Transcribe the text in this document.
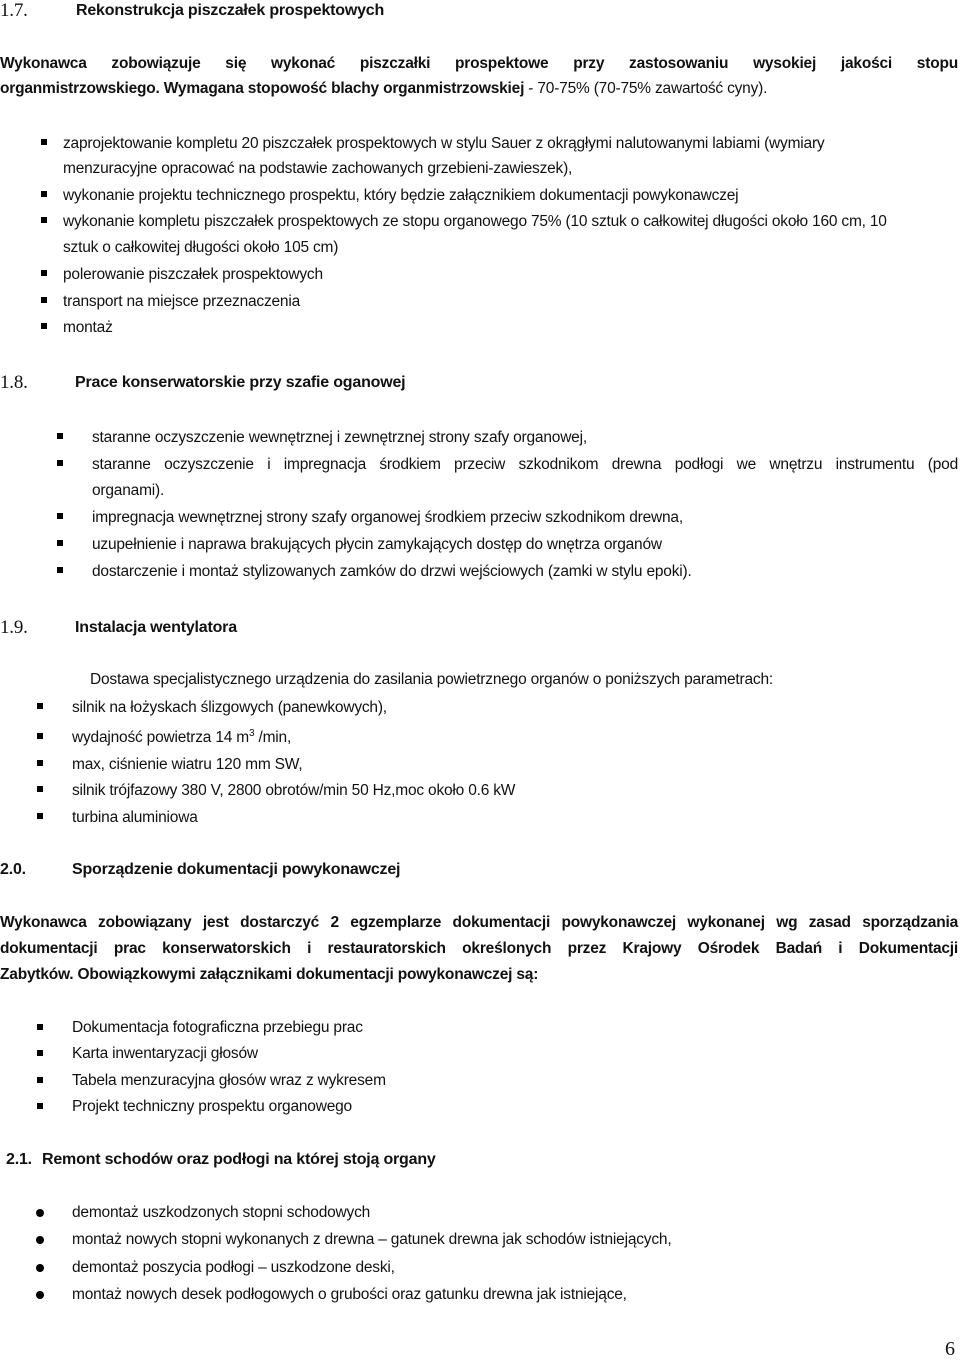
1.7.	Rekonstrukcja piszczałek prospektowych
Wykonawca zobowiązuje się wykonać piszczałki prospektowe przy zastosowaniu wysokiej jakości stopu
organmistrzowskiego. Wymagana stopowość blachy organmistrzowskiej - 70-75% (70-75% zawartość cyny).
zaprojektowanie kompletu 20 piszczałek prospektowych w stylu Sauer z okrągłymi nalutowanymi labiami (wymiary
menzuracyjne opracować na podstawie zachowanych grzebieni-zawieszek),
wykonanie projektu technicznego prospektu, który będzie załącznikiem dokumentacji powykonawczej
wykonanie kompletu piszczałek prospektowych ze stopu organowego 75% (10 sztuk o całkowitej długości około 160 cm, 10
sztuk o całkowitej długości około 105 cm)
polerowanie piszczałek prospektowych
transport na miejsce przeznaczenia
montaż
1.8.	Prace konserwatorskie przy szafie oganowej
staranne oczyszczenie wewnętrznej i zewnętrznej strony szafy organowej,
staranne oczyszczenie i impregnacja środkiem przeciw szkodnikom drewna podłogi we wnętrzu instrumentu (pod
organami).
impregnacja wewnętrznej strony szafy organowej środkiem przeciw szkodnikom drewna,
uzupełnienie i naprawa brakujących płycin zamykających dostęp do wnętrza organów
dostarczenie i montaż stylizowanych zamków do drzwi wejściowych (zamki w stylu epoki).
1.9.	Instalacja wentylatora
Dostawa specjalistycznego urządzenia do zasilania powietrznego organów o poniższych parametrach:
silnik na łożyskach ślizgowych (panewkowych),
wydajność powietrza 14 $m^3$ /min,
max, ciśnienie wiatru 120 mm SW,
silnik trójfazowy 380 V, 2800 obrotów/min 50 Hz,moc około 0.6 kW
turbina aluminiowa
2.0.	Sporządzenie dokumentacji powykonawczej
Wykonawca zobowiązany jest dostarczyć 2 egzemplarze dokumentacji powykonawczej wykonanej wg zasad sporządzania
dokumentacji prac konserwatorskich i restauratorskich określonych przez Krajowy Ośrodek Badań i Dokumentacji
Zabytków. Obowiązkowymi załącznikami dokumentacji powykonawczej są:
Dokumentacja fotograficzna przebiegu prac
Karta inwentaryzacji głosów
Tabela menzuracyjna głosów wraz z wykresem
Projekt techniczny prospektu organowego
2.1. Remont schodów oraz podłogi na której stoją organy
demontaż uszkodzonych stopni schodowych
montaż nowych stopni wykonanych z drewna – gatunek drewna jak schodów istniejących,
demontaż poszycia podłogi – uszkodzone deski,
montaż nowych desek podłogowych o grubości oraz gatunku drewna jak istniejące,
6
